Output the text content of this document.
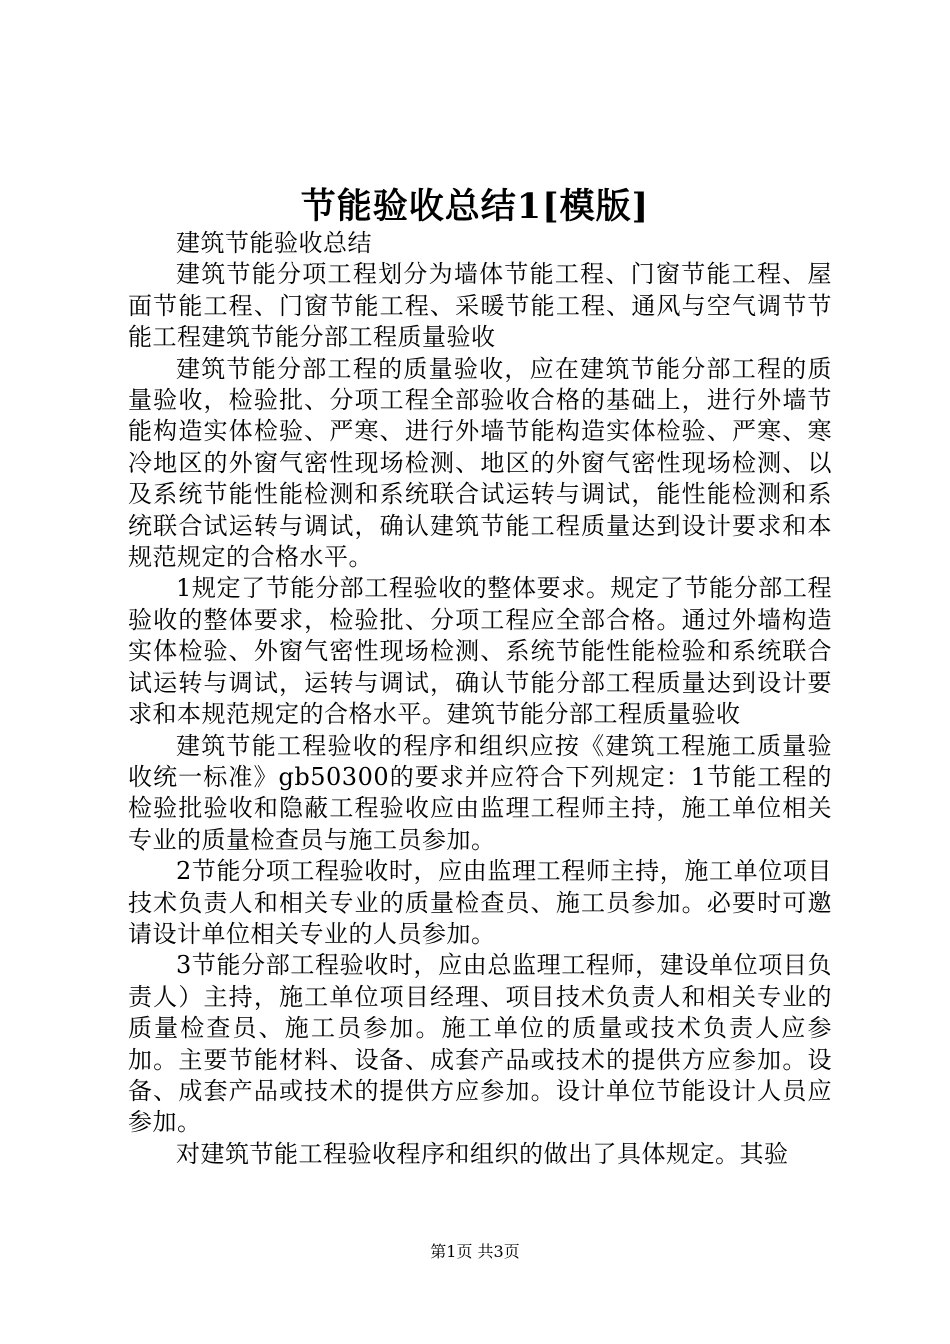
节能验收总结1[模版]

建筑节能验收总结

建筑节能分项工程划分为墙体节能工程、门窗节能工程、屋面节能工程、门窗节能工程、采暖节能工程、通风与空气调节节能工程建筑节能分部工程质量验收

建筑节能分部工程的质量验收，应在建筑节能分部工程的质量验收，检验批、分项工程全部验收合格的基础上，进行外墙节能构造实体检验、严寒、进行外墙节能构造实体检验、严寒、寒冷地区的外窗气密性现场检测、地区的外窗气密性现场检测、以及系统节能性能检测和系统联合试运转与调试，能性能检测和系统联合试运转与调试，确认建筑节能工程质量达到设计要求和本规范规定的合格水平。

1规定了节能分部工程验收的整体要求。规定了节能分部工程验收的整体要求，检验批、分项工程应全部合格。通过外墙构造实体检验、外窗气密性现场检测、系统节能性能检验和系统联合试运转与调试，运转与调试，确认节能分部工程质量达到设计要求和本规范规定的合格水平。建筑节能分部工程质量验收

建筑节能工程验收的程序和组织应按《建筑工程施工质量验收统一标准》gb50300的要求并应符合下列规定：1节能工程的检验批验收和隐蔽工程验收应由监理工程师主持，施工单位相关专业的质量检查员与施工员参加。

2节能分项工程验收时，应由监理工程师主持，施工单位项目技术负责人和相关专业的质量检查员、施工员参加。必要时可邀请设计单位相关专业的人员参加。

3节能分部工程验收时，应由总监理工程师，建设单位项目负责人）主持，施工单位项目经理、项目技术负责人和相关专业的质量检查员、施工员参加。施工单位的质量或技术负责人应参加。主要节能材料、设备、成套产品或技术的提供方应参加。设备、成套产品或技术的提供方应参加。设计单位节能设计人员应参加。

对建筑节能工程验收程序和组织的做出了具体规定。其验

第1页 共3页
